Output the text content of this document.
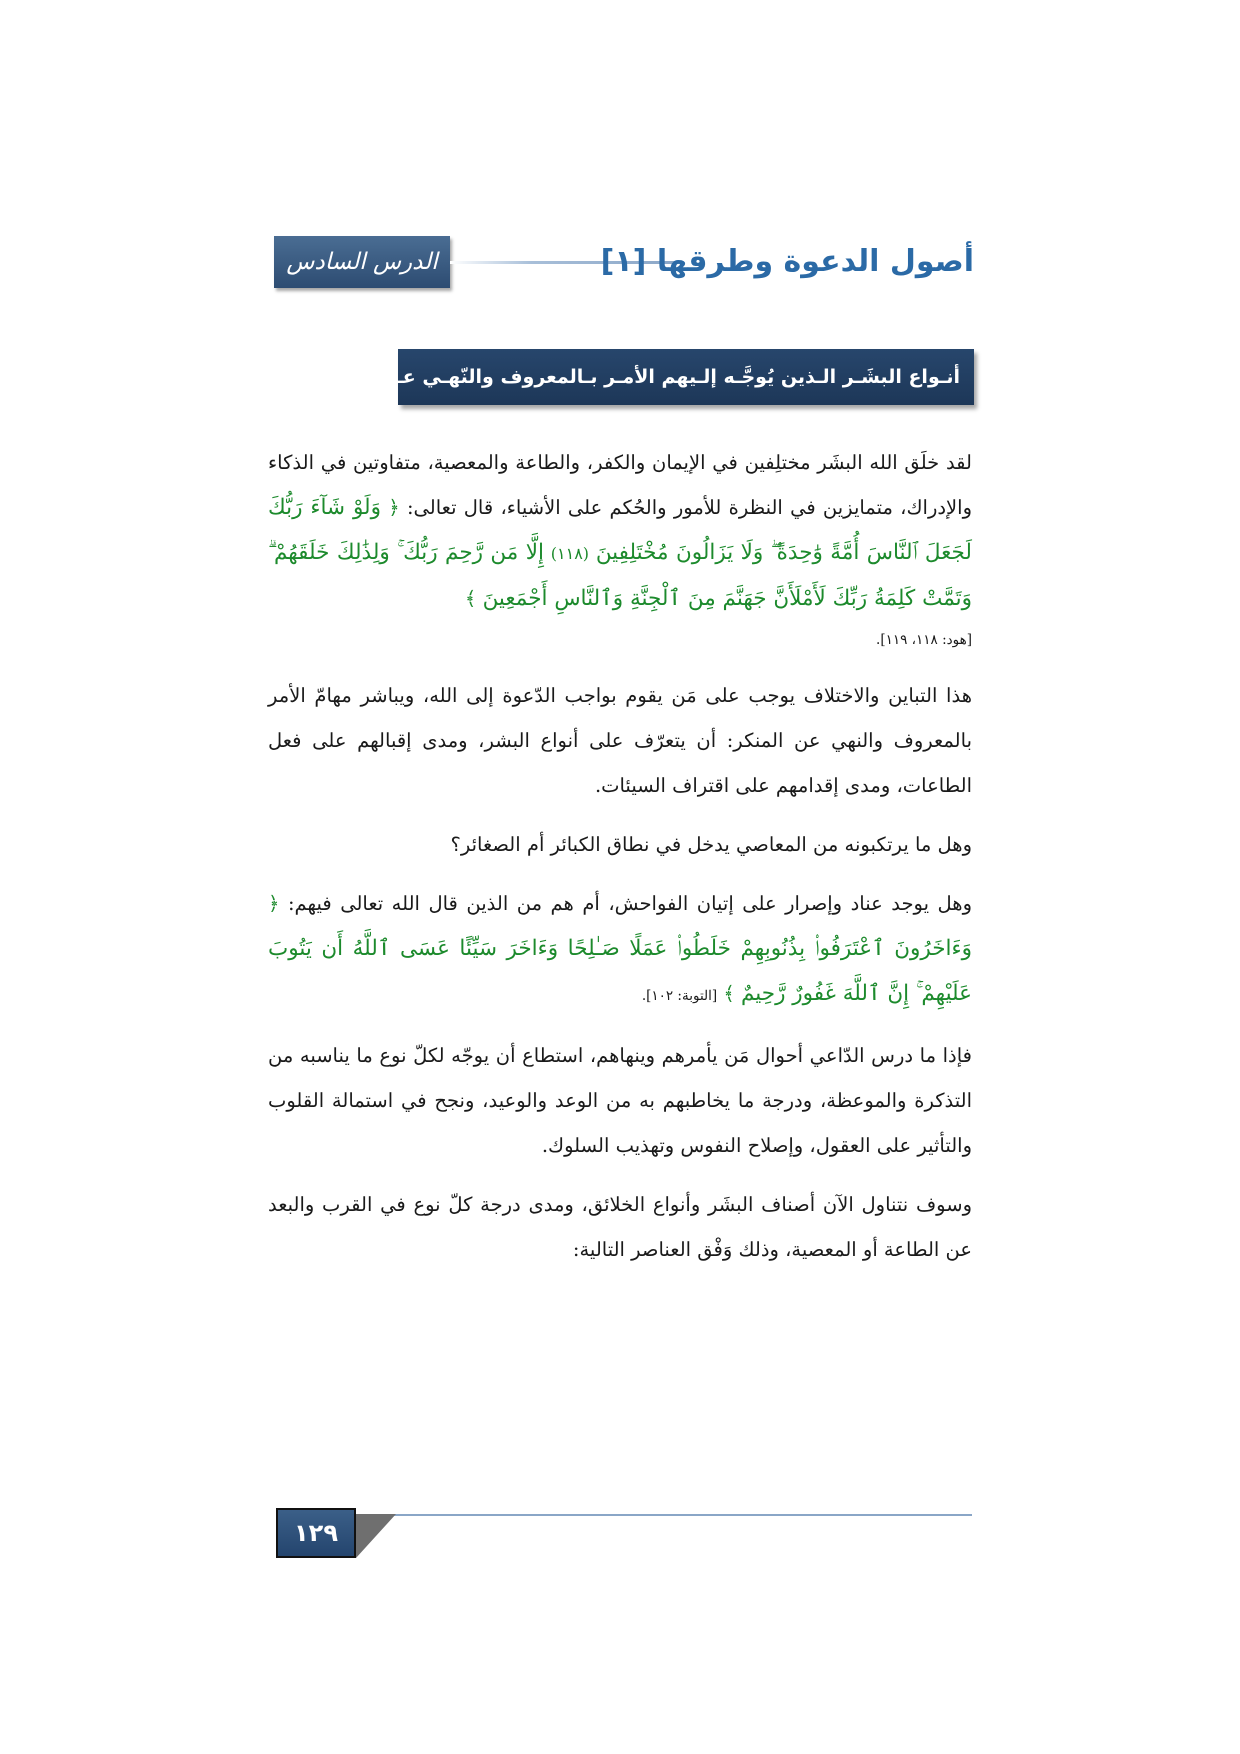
الدرس السادس	أصول الدعوة وطرقها [١]
أنـواع البشَـر الـذين يُوجَّـه إلـيهم الأمـر بـالمعروف والنّهـي عـن المُنكـر

لقد خلَق الله البشَر مختلِفين في الإيمان والكفر، والطاعة والمعصية، متفاوتين في الذكاء والإدراك، متمايزين في النظرة للأمور والحُكم على الأشياء، قال تعالى: ﴿ وَلَوْ شَآءَ رَبُّكَ لَجَعَلَ ٱلنَّاسَ أُمَّةً وَٰحِدَةً ۖ وَلَا يَزَالُونَ مُخْتَلِفِينَ (١١٨) إِلَّا مَن رَّحِمَ رَبُّكَ ۚ وَلِذَٰلِكَ خَلَقَهُمْ ۗ وَتَمَّتْ كَلِمَةُ رَبِّكَ لَأَمْلَأَنَّ جَهَنَّمَ مِنَ ٱلْجِنَّةِ وَٱلنَّاسِ أَجْمَعِينَ ﴾

[هود: ١١٨، ١١٩].

هذا التباين والاختلاف يوجب على مَن يقوم بواجب الدّعوة إلى الله، ويباشر مهامّ الأمر بالمعروف والنهي عن المنكر: أن يتعرّف على أنواع البشر، ومدى إقبالهم على فعل الطاعات، ومدى إقدامهم على اقتراف السيئات.

وهل ما يرتكبونه من المعاصي يدخل في نطاق الكبائر أم الصغائر؟

وهل يوجد عناد وإصرار على إتيان الفواحش، أم هم من الذين قال الله تعالى فيهم: ﴿ وَءَاخَرُونَ ٱعْتَرَفُوا۟ بِذُنُوبِهِمْ خَلَطُوا۟ عَمَلًا صَـٰلِحًا وَءَاخَرَ سَيِّئًا عَسَى ٱللَّهُ أَن يَتُوبَ عَلَيْهِمْ ۚ إِنَّ ٱللَّهَ غَفُورٌ رَّحِيمٌ ﴾ [التوبة: ١٠٢].

فإذا ما درس الدّاعي أحوال مَن يأمرهم وينهاهم، استطاع أن يوجّه لكلّ نوع ما يناسبه من التذكرة والموعظة، ودرجة ما يخاطبهم به من الوعد والوعيد، ونجح في استمالة القلوب والتأثير على العقول، وإصلاح النفوس وتهذيب السلوك.

وسوف نتناول الآن أصناف البشَر وأنواع الخلائق، ومدى درجة كلّ نوع في القرب والبعد عن الطاعة أو المعصية، وذلك وَفْق العناصر التالية:

١٢٩
